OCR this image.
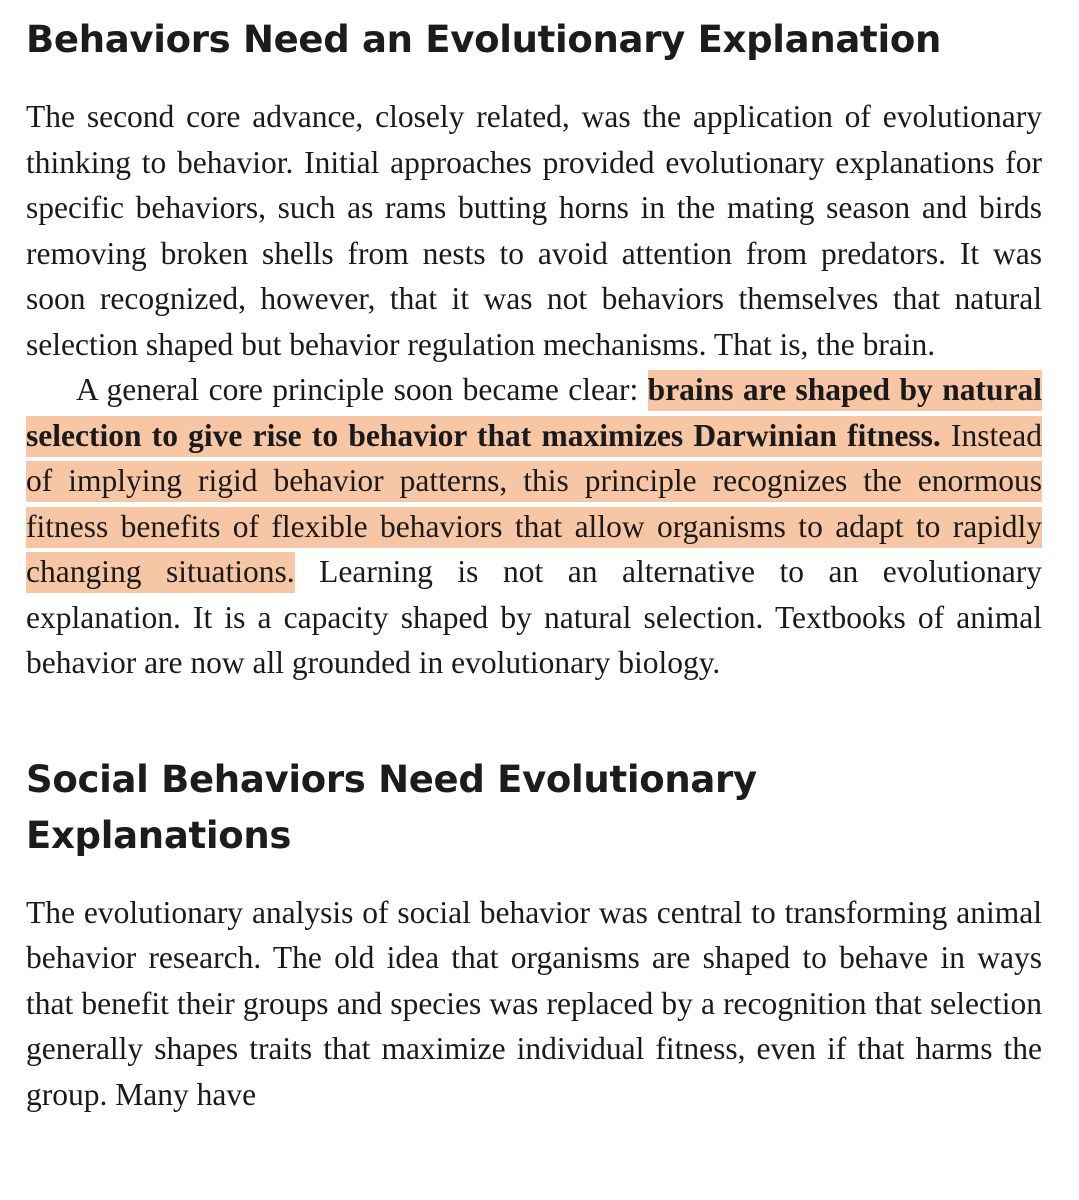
Behaviors Need an Evolutionary Explanation

The second core advance, closely related, was the application of evolutionary thinking to behavior. Initial approaches provided evolutionary explanations for specific behaviors, such as rams butting horns in the mating season and birds removing broken shells from nests to avoid attention from predators. It was soon recognized, however, that it was not behaviors themselves that natural selection shaped but behavior regulation mechanisms. That is, the brain.

A general core principle soon became clear: brains are shaped by natural selection to give rise to behavior that maximizes Darwinian fitness. Instead of implying rigid behavior patterns, this principle recognizes the enormous fitness benefits of flexible behaviors that allow organisms to adapt to rapidly changing situations. Learning is not an alternative to an evolutionary explanation. It is a capacity shaped by natural selection. Textbooks of animal behavior are now all grounded in evolutionary biology.

Social Behaviors Need Evolutionary
Explanations

The evolutionary analysis of social behavior was central to transforming animal behavior research. The old idea that organisms are shaped to behave in ways that benefit their groups and species was replaced by a recognition that selection generally shapes traits that maximize individual fitness, even if that harms the group. Many have
